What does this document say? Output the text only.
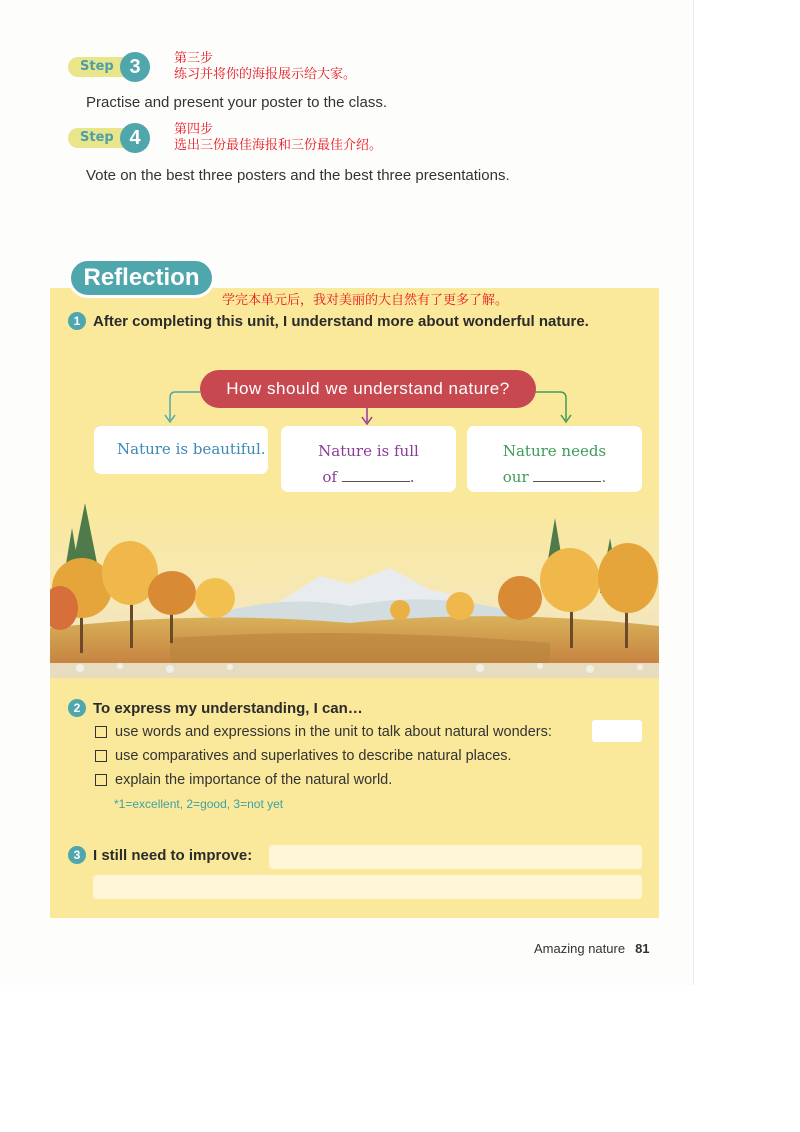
Step 3	第三步
练习并将你的海报展示给大家。
Practise and present your poster to the class.
Step 4	第四步
选出三份最佳海报和三份最佳介绍。
Vote on the best three posters and the best three presentations.
Reflection
学完本单元后，我对美丽的大自然有了更多了解。
1 After completing this unit, I understand more about wonderful nature.
How should we understand nature?
Nature is beautiful.	Nature is full
of	.
Nature needs
our	.
2 To express my understanding, I can…
use words and expressions in the unit to talk about natural wonders:
use comparatives and superlatives to describe natural places.
explain the importance of the natural world.
*1=excellent, 2=good, 3=not yet
3 I still need to improve:
Amazing nature 81
